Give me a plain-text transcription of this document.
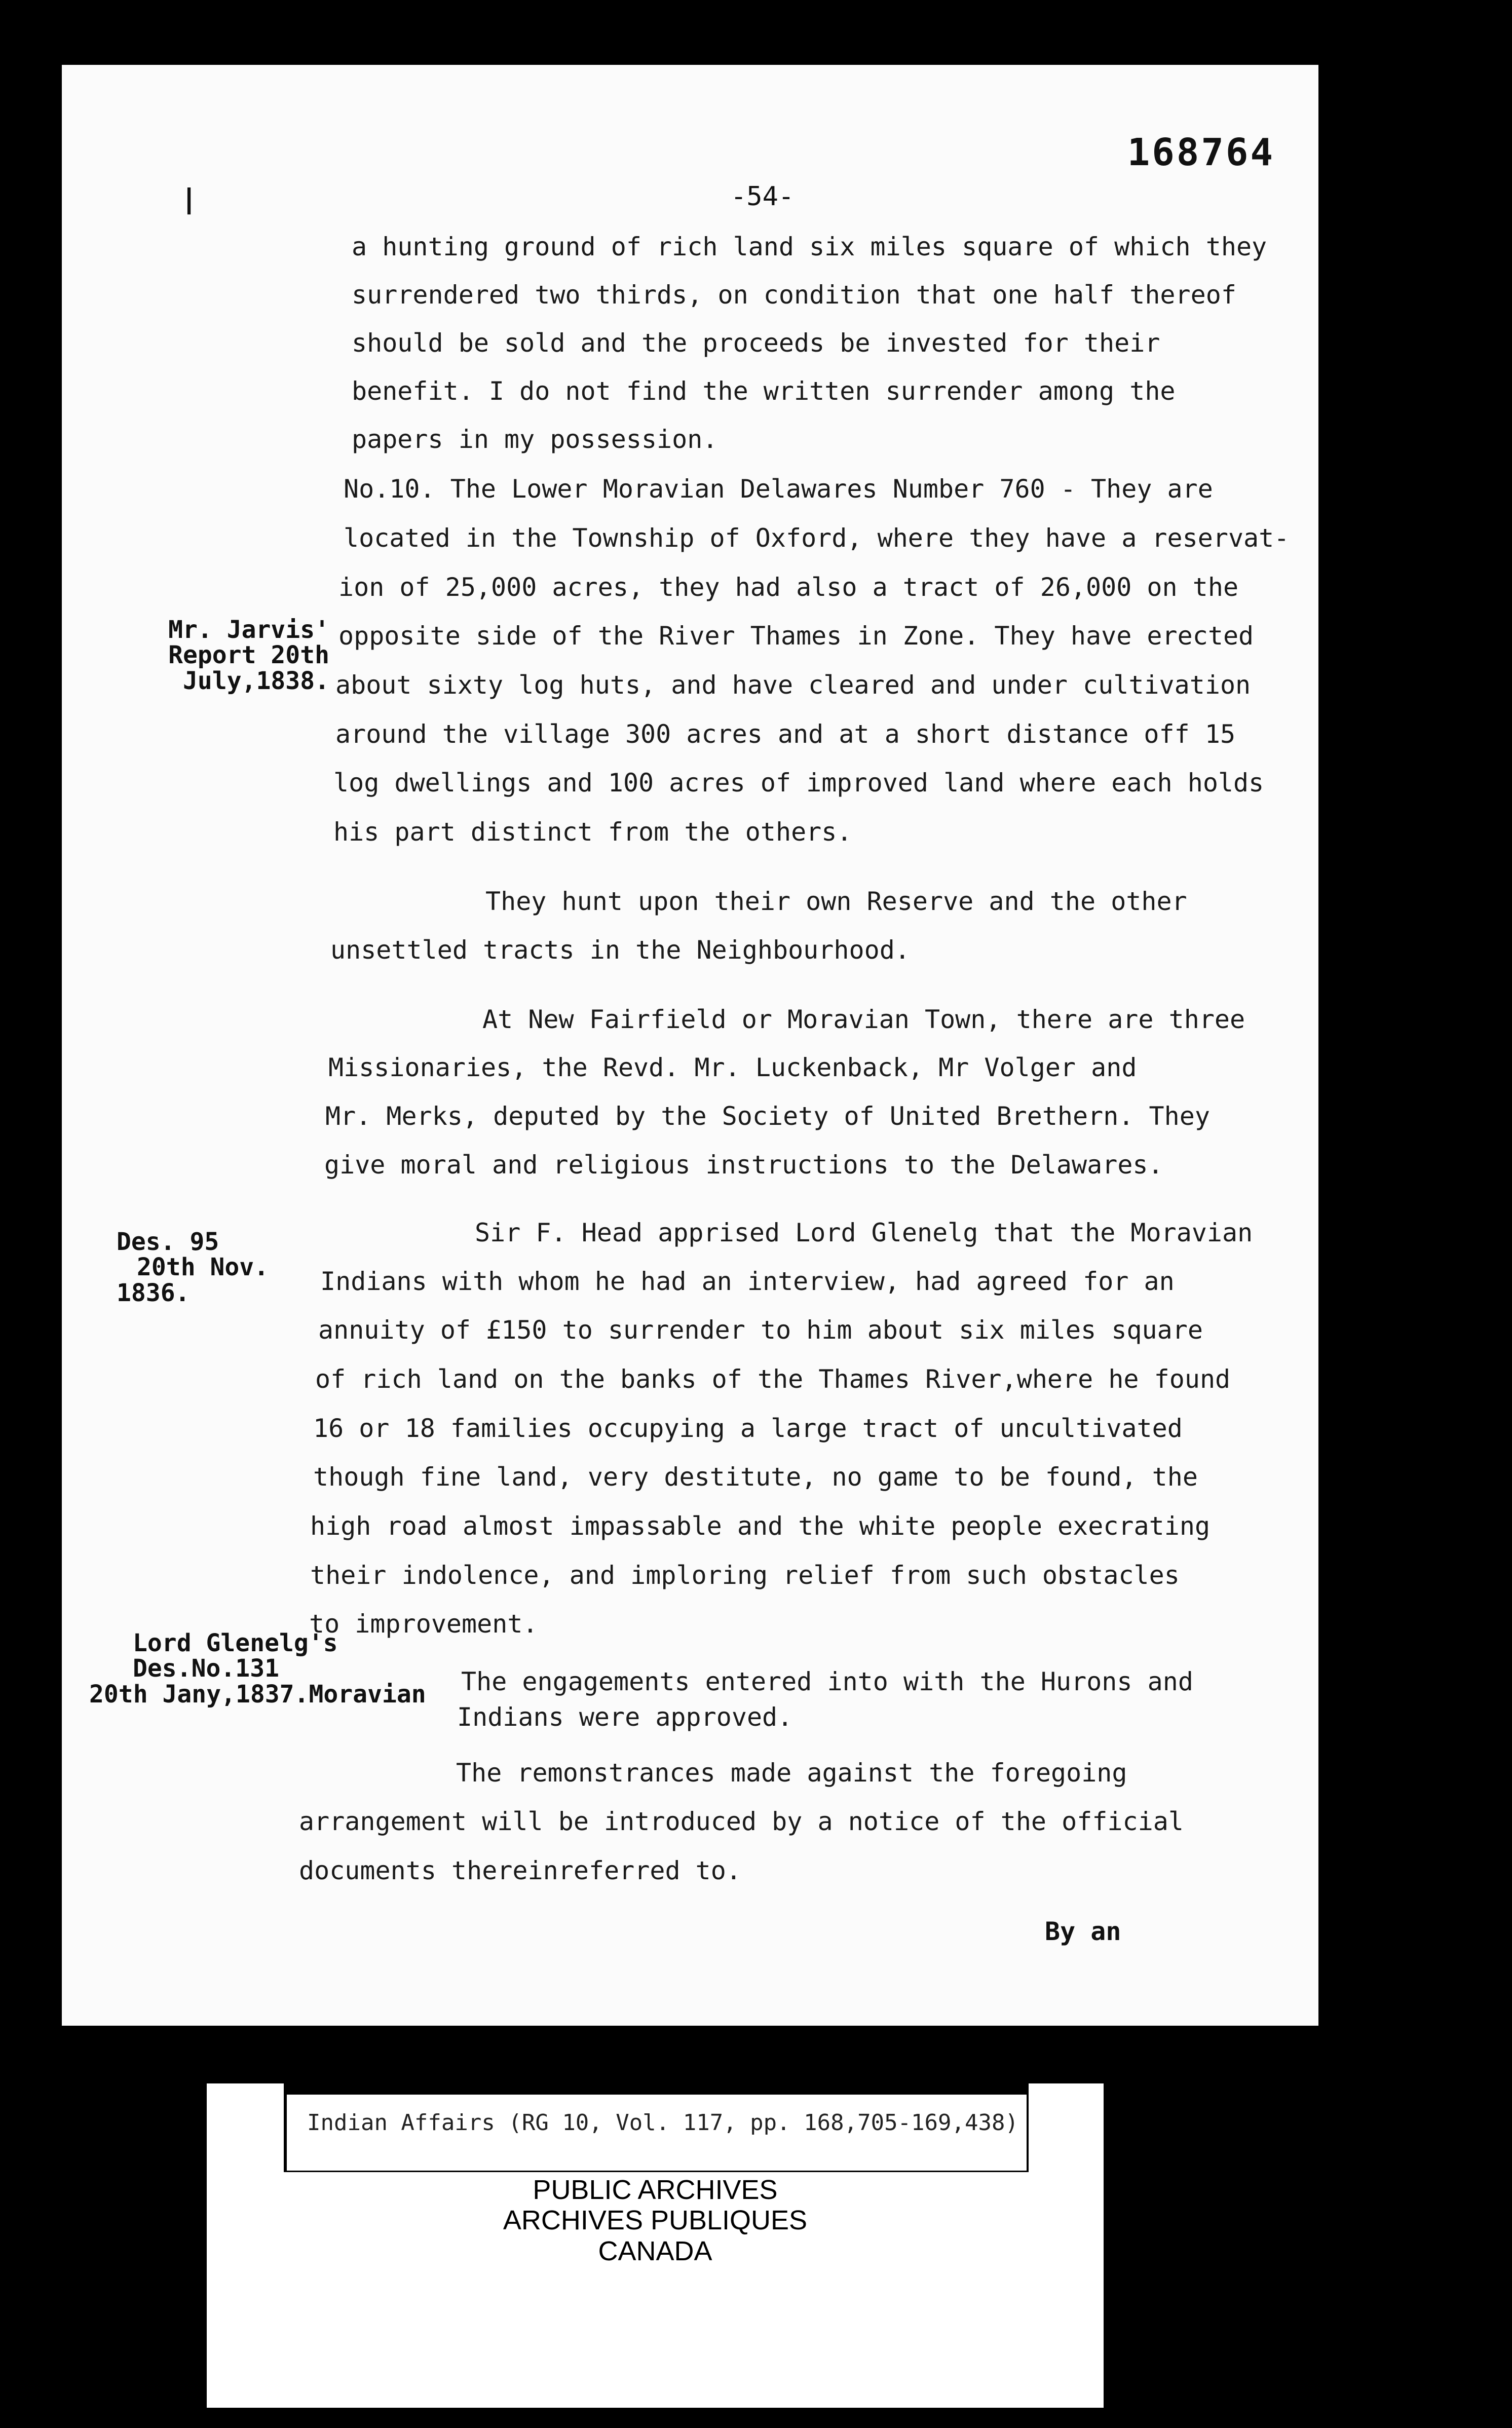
168764
ا	-54-
a hunting ground of rich land six miles square of which they
surrendered two thirds, on condition that one half thereof
should be sold and the proceeds be invested for their
benefit. I do not find the written surrender among the
papers in my possession.
No.10. The Lower Moravian Delawares Number 760 - They are
located in the Township of Oxford, where they have a reservat-
ion of 25,000 acres, they had also a tract of 26,000 on the
opposite side of the River Thames in Zone. They have erected
about sixty log huts, and have cleared and under cultivation
around the village 300 acres and at a short distance off 15
log dwellings and 100 acres of improved land where each holds
his part distinct from the others.
They hunt upon their own Reserve and the other
unsettled tracts in the Neighbourhood.
At New Fairfield or Moravian Town, there are three
Missionaries, the Revd. Mr. Luckenback, Mr Volger and
Mr. Merks, deputed by the Society of United Brethern. They
give moral and religious instructions to the Delawares.
Sir F. Head apprised Lord Glenelg that the Moravian
Indians with whom he had an interview, had agreed for an
annuity of £150 to surrender to him about six miles square
of rich land on the banks of the Thames River,where he found
16 or 18 families occupying a large tract of uncultivated
though fine land, very destitute, no game to be found, the
high road almost impassable and the white people execrating
their indolence, and imploring relief from such obstacles
to improvement.
The engagements entered into with the Hurons and
Indians were approved.
The remonstrances made against the foregoing
arrangement will be introduced by a notice of the official
documents thereinreferred to.
Mr. Jarvis'
Report 20th
July,1838.
Des. 95
20th Nov.
1836.
Lord Glenelg's
Des.No.131
20th Jany,1837.Moravian
By an
Indian Affairs (RG 10, Vol. 117, pp. 168,705-169,438)
PUBLIC ARCHIVES
ARCHIVES PUBLIQUES
CANADA
